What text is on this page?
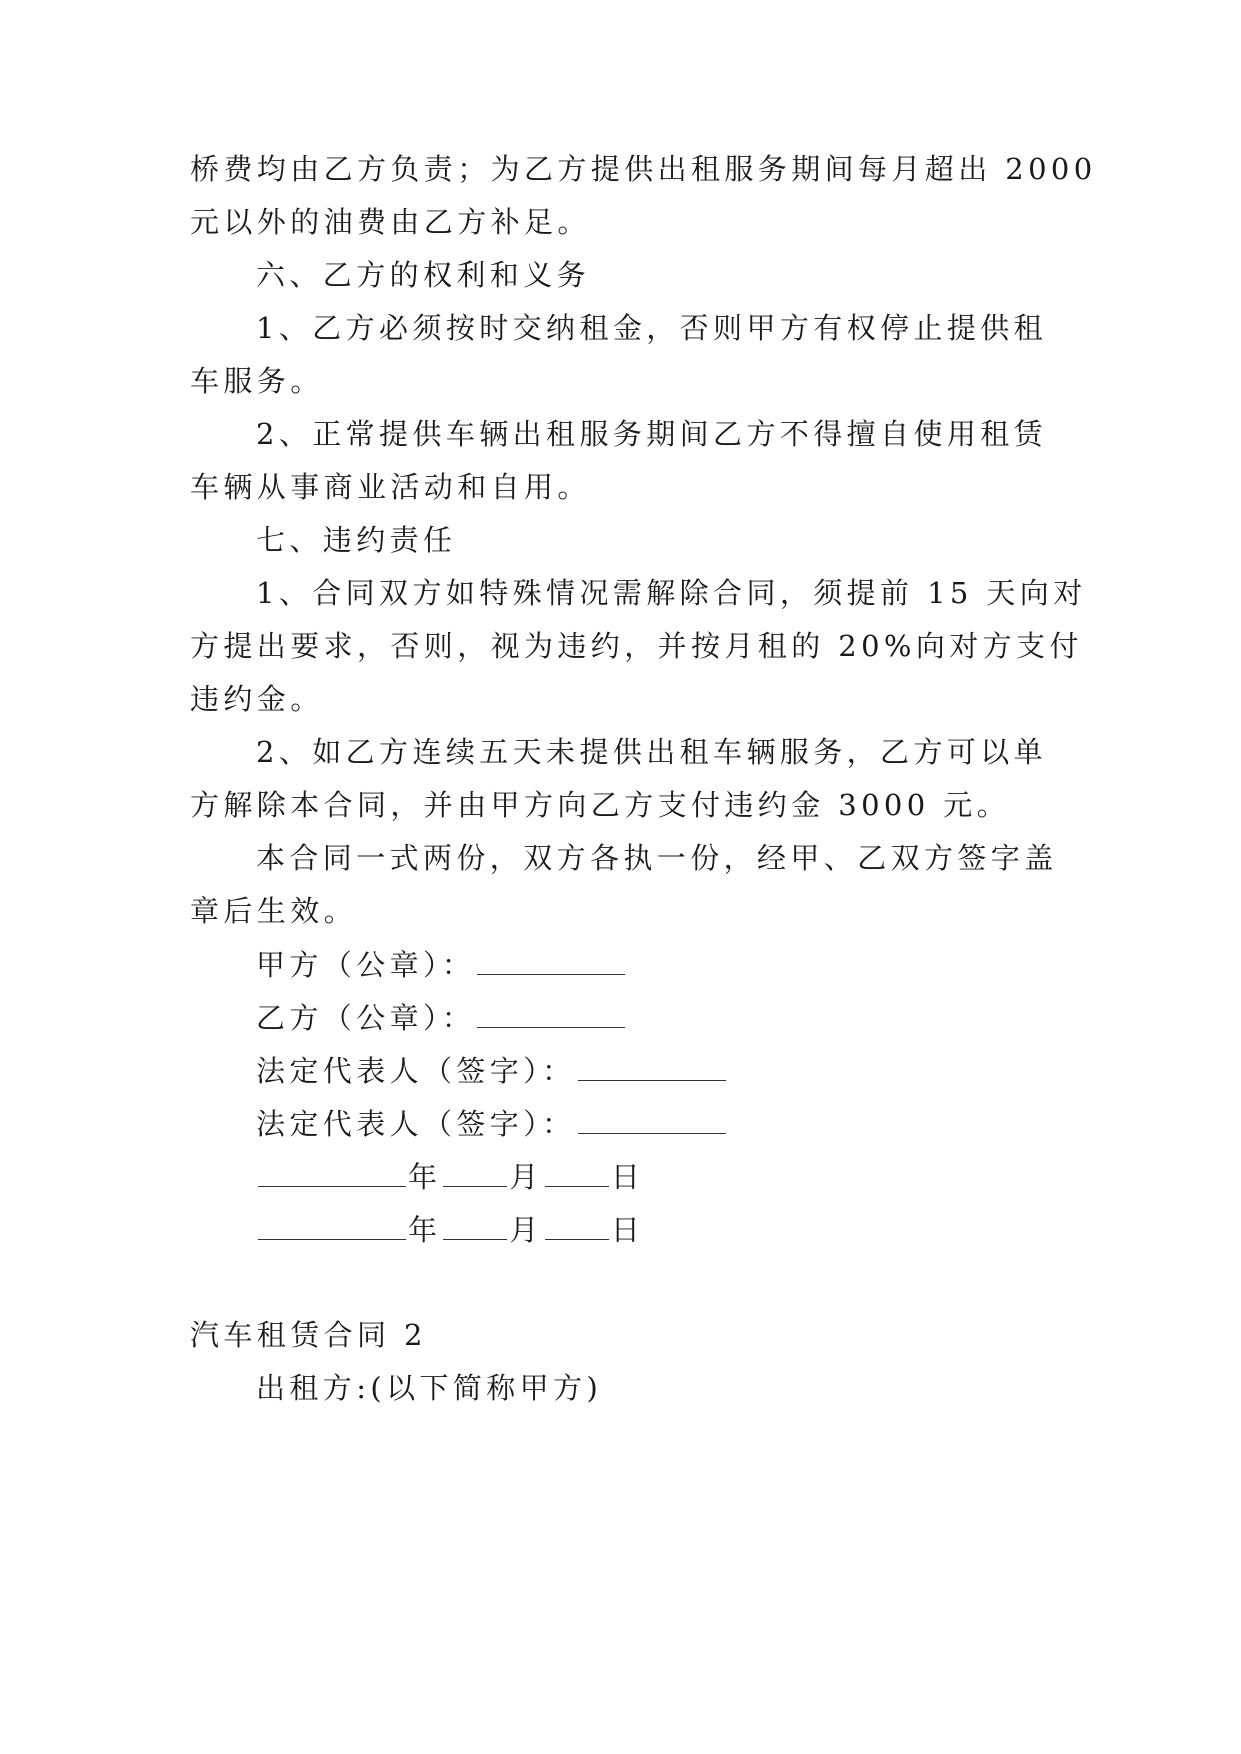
桥费均由乙方负责；为乙方提供出租服务期间每月超出 2000
元以外的油费由乙方补足。
六、乙方的权利和义务
1、乙方必须按时交纳租金，否则甲方有权停止提供租
车服务。
2、正常提供车辆出租服务期间乙方不得擅自使用租赁
车辆从事商业活动和自用。
七、违约责任
1、合同双方如特殊情况需解除合同，须提前 15 天向对
方提出要求，否则，视为违约，并按月租的 20%向对方支付
违约金。
2、如乙方连续五天未提供出租车辆服务，乙方可以单
方解除本合同，并由甲方向乙方支付违约金 3000 元。
本合同一式两份，双方各执一份，经甲、乙双方签字盖
章后生效。
甲方（公章）：
乙方（公章）：
法定代表人（签字）：
法定代表人（签字）：
年 月 日
年 月 日
汽车租赁合同 2
出租方:(以下简称甲方)
